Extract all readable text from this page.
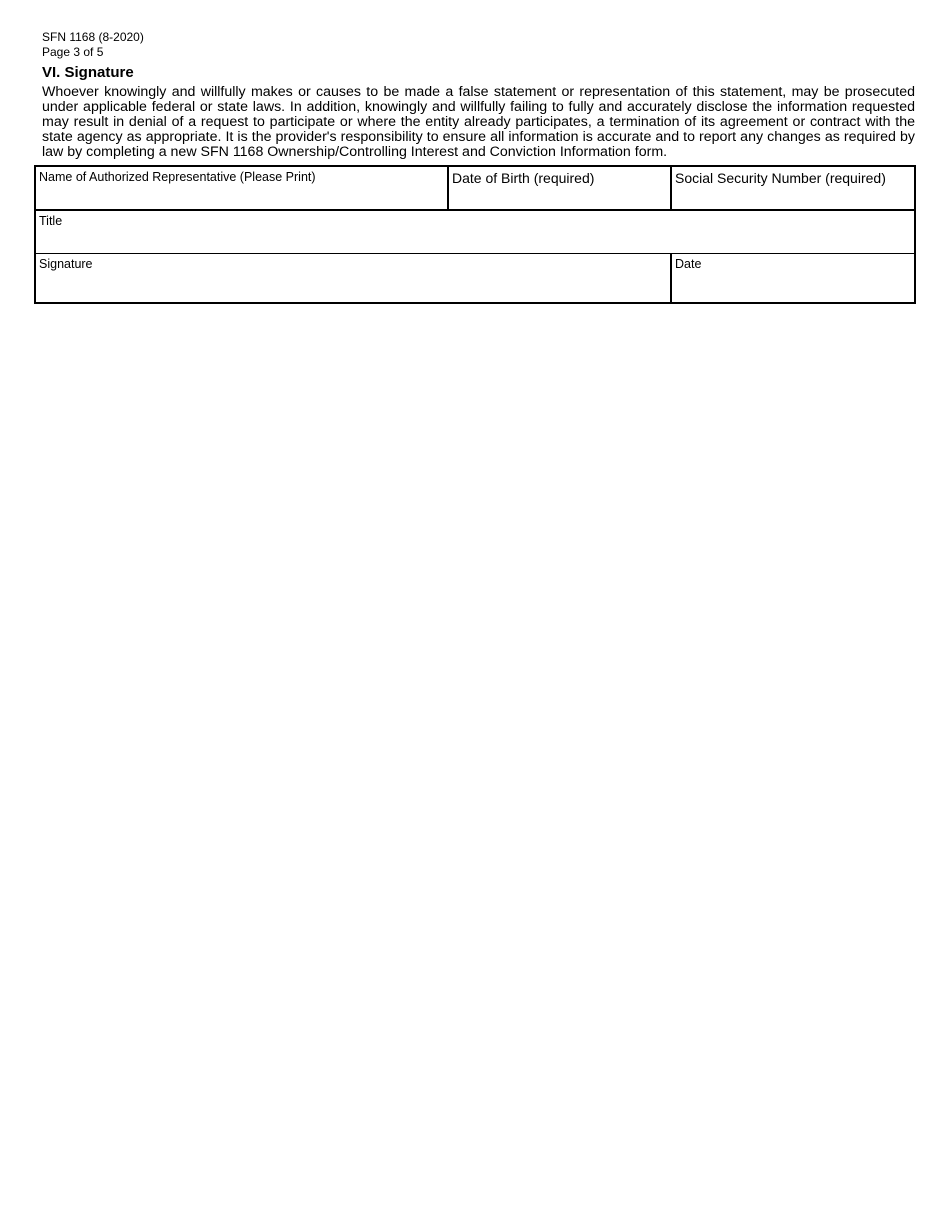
SFN 1168 (8-2020)
Page 3 of 5
VI. Signature

Whoever knowingly and willfully makes or causes to be made a false statement or representation of this statement, may be prosecuted under applicable federal or state laws. In addition, knowingly and willfully failing to fully and accurately disclose the information requested may result in denial of a request to participate or where the entity already participates, a termination of its agreement or contract with the state agency as appropriate. It is the provider's responsibility to ensure all information is accurate and to report any changes as required by law by completing a new SFN 1168 Ownership/Controlling Interest and Conviction Information form.

Name of Authorized Representative (Please Print)	Date of Birth (required)	Social Security Number (required)

Title		

Signature		Date
